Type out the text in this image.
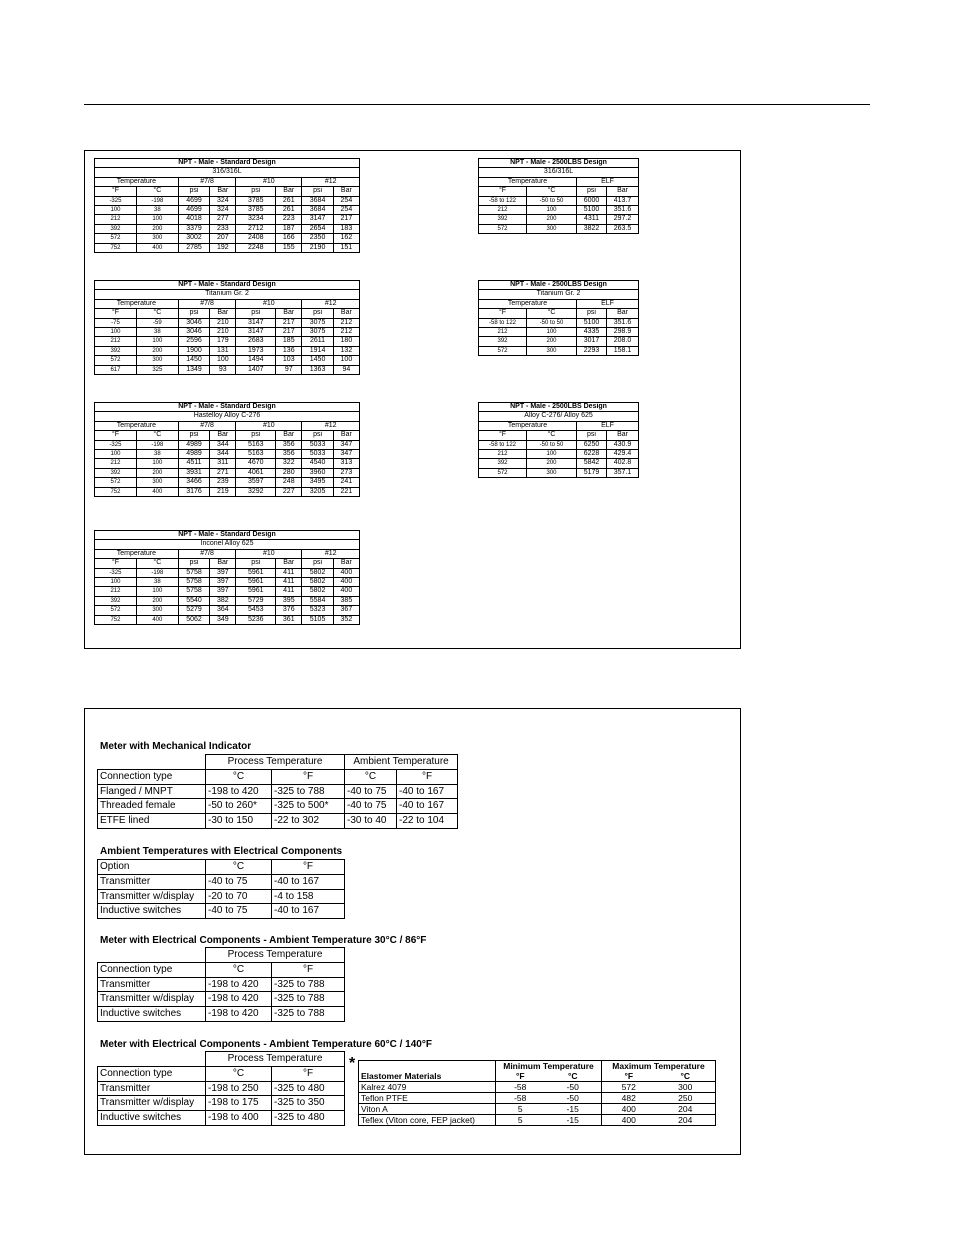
NPT - Male - Standard Design							
316/316L							
Temperature		#7/8		#10		#12	
°F	°C	psi	Bar	psi	Bar	psi	Bar
-325	-198	4699	324	3785	261	3684	254
100	38	4699	324	3785	261	3684	254
212	100	4018	277	3234	223	3147	217
392	200	3379	233	2712	187	2654	183
572	300	3002	207	2408	166	2350	162
752	400	2785	192	2248	155	2190	151
NPT - Male - Standard Design							
Titanium Gr. 2							
Temperature		#7/8		#10		#12	
°F	°C	psi	Bar	psi	Bar	psi	Bar
-75	-59	3046	210	3147	217	3075	212
100	38	3046	210	3147	217	3075	212
212	100	2596	179	2683	185	2611	180
392	200	1900	131	1973	136	1914	132
572	300	1450	100	1494	103	1450	100
617	325	1349	93	1407	97	1363	94
NPT - Male - Standard Design							
Hastelloy Alloy C-276							
Temperature		#7/8		#10		#12	
°F	°C	psi	Bar	psi	Bar	psi	Bar
-325	-198	4989	344	5163	356	5033	347
100	38	4989	344	5163	356	5033	347
212	100	4511	311	4670	322	4540	313
392	200	3931	271	4061	280	3960	273
572	300	3466	239	3597	248	3495	241
752	400	3176	219	3292	227	3205	221
NPT - Male - Standard Design							
Inconel Alloy 625							
Temperature		#7/8		#10		#12	
°F	°C	psi	Bar	psi	Bar	psi	Bar
-325	-198	5758	397	5961	411	5802	400
100	38	5758	397	5961	411	5802	400
212	100	5758	397	5961	411	5802	400
392	200	5540	382	5729	395	5584	385
572	300	5279	364	5453	376	5323	367
752	400	5062	349	5236	361	5105	352
NPT - Male - 2500LBS Design			
316/316L			
Temperature		ELF	
°F	°C	psi	Bar
-58 to 122	-50 to 50	6000	413.7
212	100	5100	351.6
392	200	4311	297.2
572	300	3822	263.5
NPT - Male - 2500LBS Design			
Titanium Gr. 2			
Temperature		ELF	
°F	°C	psi	Bar
-58 to 122	-50 to 50	5100	351.6
212	100	4335	298.9
392	200	3017	208.0
572	300	2293	158.1
NPT - Male - 2500LBS Design			
Alloy C-276/ Alloy 625			
Temperature		ELF	
°F	°C	psi	Bar
-58 to 122	-50 to 50	6250	430.9
212	100	6228	429.4
392	200	5842	402.8
572	300	5179	357.1
Meter with Mechanical Indicator
	Process Temperature		Ambient Temperature	
Connection type	°C	°F	°C	°F
Flanged / MNPT	-198 to 420	-325 to 788	-40 to 75	-40 to 167
Threaded female	-50 to 260*	-325 to 500*	-40 to 75	-40 to 167
ETFE lined	-30 to 150	-22 to 302	-30 to 40	-22 to 104
Ambient Temperatures with Electrical Components
Option	°C	°F
Transmitter	-40 to 75	-40 to 167
Transmitter w/display	-20 to 70	-4 to 158
Inductive switches	-40 to 75	-40 to 167
Meter with Electrical Components - Ambient Temperature 30°C / 86°F
	Process Temperature	
Connection type	°C	°F
Transmitter	-198 to 420	-325 to 788
Transmitter w/display	-198 to 420	-325 to 788
Inductive switches	-198 to 420	-325 to 788
Meter with Electrical Components - Ambient Temperature 60°C / 140°F
	Process Temperature	
Connection type	°C	°F
Transmitter	-198 to 250	-325 to 480
Transmitter w/display	-198 to 175	-325 to 350
Inductive switches	-198 to 400	-325 to 480
*
		Minimum Temperature		Maximum Temperature	
Elastomer Materials	°F	°C	°F	°C
Kalrez 4079	-58	-50	572	300
Teflon PTFE	-58	-50	482	250
Viton A	5	-15	400	204
Teflex (Viton core, FEP jacket)	5	-15	400	204
